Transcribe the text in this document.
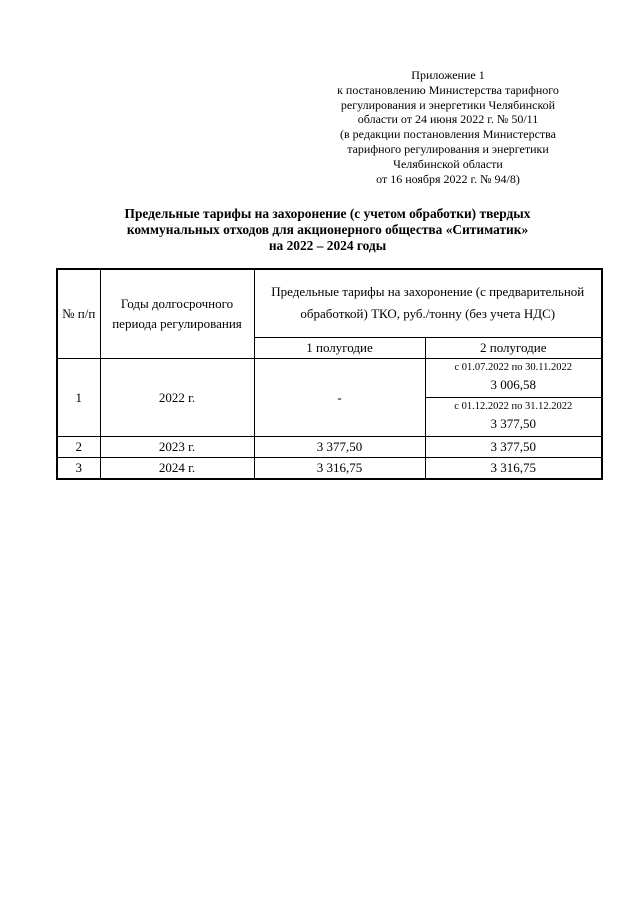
Приложение 1
к постановлению Министерства тарифного
регулирования и энергетики Челябинской
области от 24 июня 2022 г. № 50/11
(в редакции постановления Министерства
тарифного регулирования и энергетики
Челябинской области
от 16 ноября 2022 г. № 94/8)
Предельные тарифы на захоронение (с учетом обработки) твердых
коммунальных отходов для акционерного общества «Ситиматик»
на 2022 – 2024 годы
№ п/п	Годы долгосрочного периода регулирования	Предельные тарифы на захоронение (с предварительной обработкой) ТКО, руб./тонну (без учета НДС)	
		1 полугодие	2 полугодие
1	2022 г.	-	с 01.07.2022 по 30.11.2022
3 006,58
с 01.12.2022 по 31.12.2022
3 377,50

2	2023 г.	3 377,50	3 377,50
3	2024 г.	3 316,75	3 316,75
